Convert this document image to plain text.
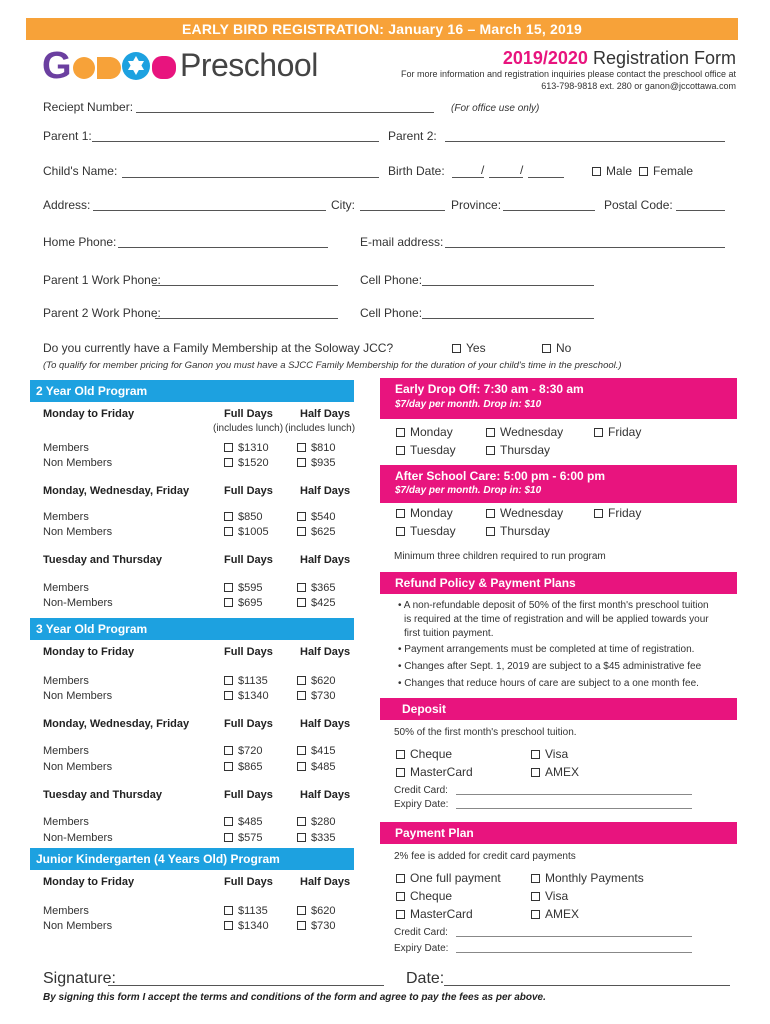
EARLY BIRD REGISTRATION: January 16 – March 15, 2019
G	Preschool	2019/2020 Registration Form
For more information and registration inquiries please contact the preschool office at
613-798-9818 ext. 280 or ganon@jccottawa.com
Reciept Number:	(For office use only)
Parent 1:	Parent 2:
Child's Name:	Birth Date:	/	/	Male	Female
Address:	City:	Province:	Postal Code:
Home Phone:	E-mail address:
Parent 1 Work Phone:	Cell Phone:
Parent 2 Work Phone:	Cell Phone:
Do you currently have a Family Membership at the Soloway JCC?	Yes	No
(To qualify for member pricing for Ganon you must have a SJCC Family Membership for the duration of your child's time in the preschool.)
2 Year Old Program
Monday to Friday	Full Days Half Days
(includes lunch) (includes lunch)
Members	$1310	$810
Non Members	$1520	$935
Monday, Wednesday, Friday	Full Days Half Days
Members	$850	$540
Non Members	$1005	$625
Tuesday and Thursday	Full Days Half Days
Members	$595	$365
Non-Members	$695	$425
3 Year Old Program
Monday to Friday	Full Days Half Days
Members	$1135	$620
Non Members	$1340	$730
Monday, Wednesday, Friday	Full Days Half Days
Members	$720	$415
Non Members	$865	$485
Tuesday and Thursday	Full Days Half Days
Members	$485	$280
Non-Members	$575	$335
Junior Kindergarten (4 Years Old) Program
Monday to Friday	Full Days Half Days
Members	$1135	$620
Non Members	$1340	$730
Early Drop Off: 7:30 am - 8:30 am
$7/day per month. Drop in: $10
Monday	Wednesday	Friday
Tuesday	Thursday
After School Care: 5:00 pm - 6:00 pm
$7/day per month. Drop in: $10
Monday	Wednesday	Friday
Tuesday	Thursday
Minimum three children required to run program
Refund Policy & Payment Plans
• A non-refundable deposit of 50% of the first month's preschool tuition
is required at the time of registration and will be applied towards your
first tuition payment.
• Payment arrangements must be completed at time of registration.
• Changes after Sept. 1, 2019 are subject to a $45 administrative fee
• Changes that reduce hours of care are subject to a one month fee.
Deposit
50% of the first month's preschool tuition.
Cheque	Visa
MasterCard	AMEX
Credit Card:
Expiry Date:
Payment Plan
2% fee is added for credit card payments
One full payment	Monthly Payments
Cheque	Visa
MasterCard	AMEX
Credit Card:
Expiry Date:
Signature:	Date:
By signing this form I accept the terms and conditions of the form and agree to pay the fees as per above.
